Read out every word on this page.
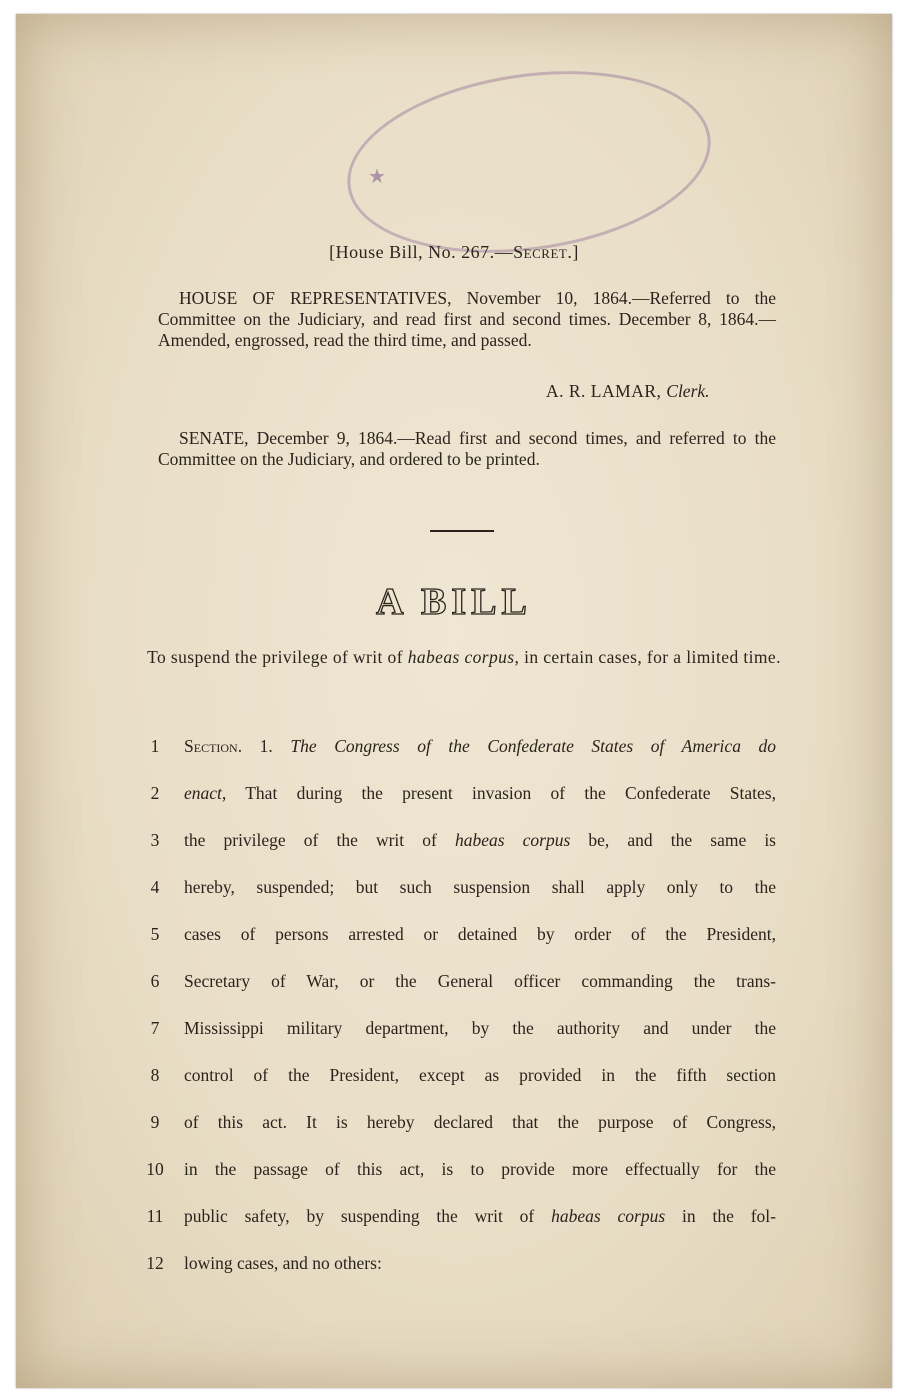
★
[House Bill, No. 267.—Secret.]
HOUSE OF REPRESENTATIVES, November 10, 1864.—Referred to the Committee on the Judiciary, and read first and second times. December 8, 1864.—Amended, engrossed, read the third time, and passed.
A. R. LAMAR, Clerk.
SENATE, December 9, 1864.—Read first and second times, and referred to the Committee on the Judiciary, and ordered to be printed.
A BILL
To suspend the privilege of writ of habeas corpus, in certain cases, for a limited time.
1	Section. 1. The Congress of the Confederate States of America do
2	enact, That during the present invasion of the Confederate States,
3	the privilege of the writ of habeas corpus be, and the same is
4	hereby, suspended; but such suspension shall apply only to the
5	cases of persons arrested or detained by order of the President,
6	Secretary of War, or the General officer commanding the trans-
7	Mississippi military department, by the authority and under the
8	control of the President, except as provided in the fifth section
9	of this act. It is hereby declared that the purpose of Congress,
10	in the passage of this act, is to provide more effectually for the
11	public safety, by suspending the writ of habeas corpus in the fol-
12	lowing cases, and no others:
